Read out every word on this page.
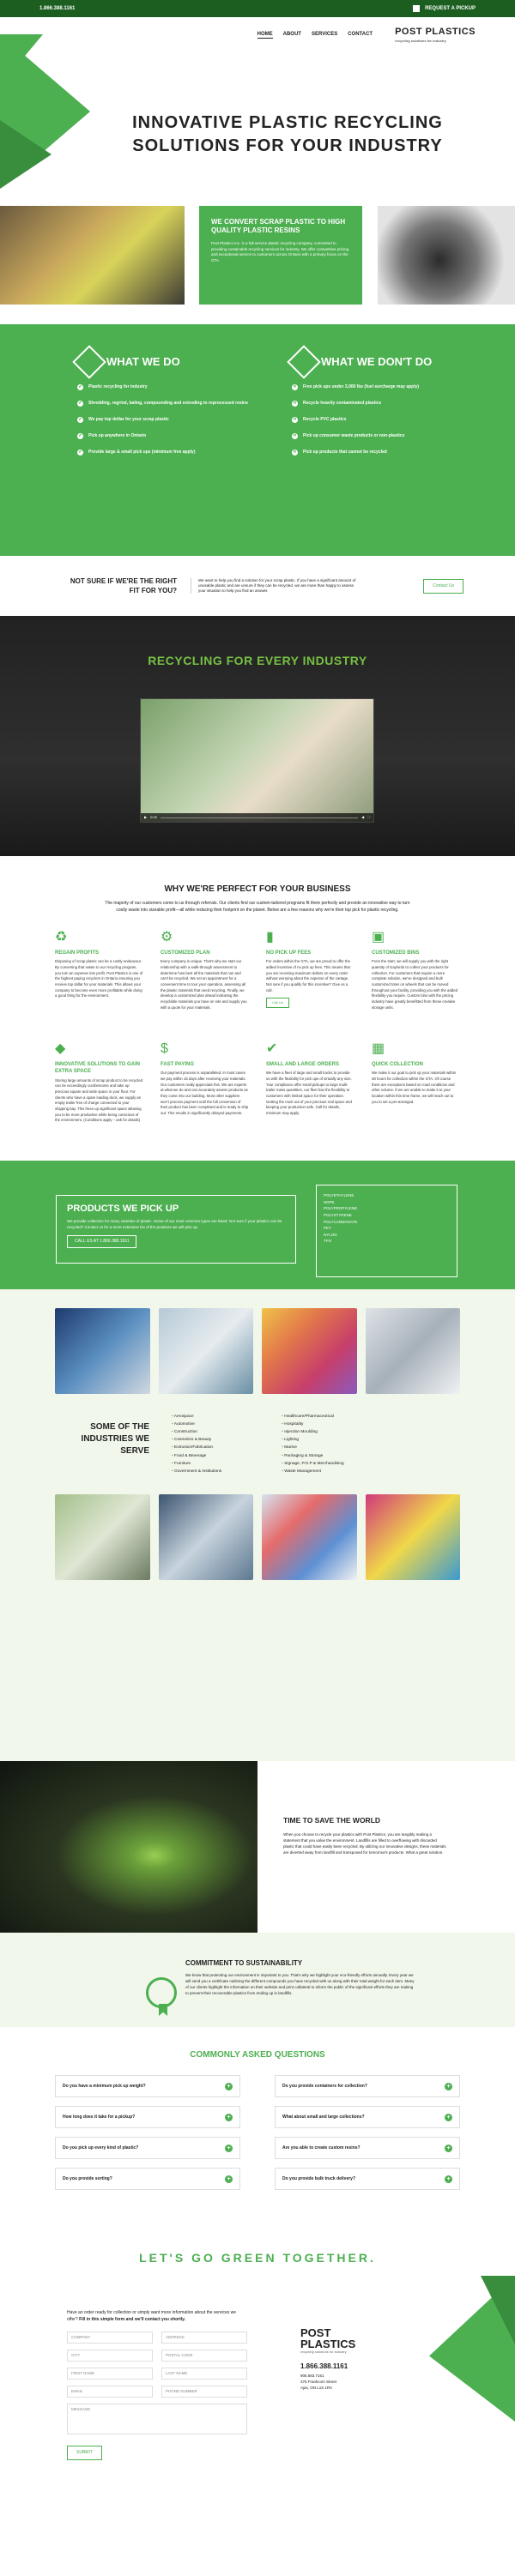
1.866.388.1161	REQUEST A PICKUP
HOME ABOUT SERVICES CONTACT POST PLASTICS
recycling solutions for industry
INNOVATIVE PLASTIC RECYCLING
SOLUTIONS FOR YOUR INDUSTRY
WE CONVERT SCRAP PLASTIC TO HIGH QUALITY PLASTIC RESINS

Post Plastics Inc. is a full-service plastic recycling company, committed to providing sustainable recycling services for industry. We offer competitive pricing and exceptional service to customers across Ontario with a primary focus on the GTA.

WHAT WE DO
✔ Plastic recycling for industry
✔ Shredding, regrind, baling, compounding and extruding to reprocessed resins
✔ We pay top dollar for your scrap plastic
✔ Pick up anywhere in Ontario
✔ Provide large & small pick ups (minimum free apply)
WHAT WE DON'T DO
✕ Free pick ups under 3,000 lbs (fuel surcharge may apply)
✕ Recycle heavily contaminated plastics
✕ Recycle PVC plastics
✕ Pick up consumer waste products or non-plastics
✕ Pick up products that cannot be recycled
NOT SURE IF WE'RE THE RIGHT FIT FOR YOU?

We want to help you find a solution for your scrap plastic. If you have a significant amount of unusable plastic and are unsure if they can be recycled, we are more than happy to assess your situation to help you find an answer.

Contact Us
RECYCLING FOR EVERY INDUSTRY
▶ 0:00	◀ ⛶
WHY WE'RE PERFECT FOR YOUR BUSINESS

The majority of our customers come to us through referrals. Our clients find our custom-tailored programs fit them perfectly and provide an innovative way to turn costly waste into sizeable profit—all while reducing their footprint on the planet. Below are a few reasons why we're their top pick for plastic recycling.

♻
REGAIN PROFITS

Disposing of scrap plastic can be a costly endeavour. By converting that waste to our recycling program, you turn an expense into profit. Post Plastics is one of the highest paying recyclers in Ontario ensuring you receive top dollar for your materials. This allows your company to become even more profitable while doing a good thing for the environment.

⚙
CUSTOMIZED PLAN

Every company is unique. That's why we start our relationship with a walk-through assessment to determine how best all the materials that can and can't be recycled. We set an appointment for a convenient time to tour your operation, assessing all the plastic materials that need recycling. Finally, we develop a customized plan ahead indicating the recyclable materials you have on site and supply you with a quote for your materials.

▮
NO PICK UP FEES

For orders within the GTA, we are proud to offer the added incentive of no pick up fees. This means that you are receiving maximum dollars on every order without worrying about the expense of the cartage. Not sure if you qualify for this incentive? Give us a call.

Call Us
▣
CUSTOMIZED BINS

From the start, we will supply you with the right quantity of Gaylords to collect your products for collection. For customers that require a more complete solution, we've designed and built customized totes on wheels that can be moved throughout your facility, providing you with the added flexibility you require. Custom bins with the pricing industry have greatly benefitted from these creative storage units.

◆
INNOVATIVE SOLUTIONS TO GAIN EXTRA SPACE

Storing large amounts of scrap product to be recycled can be exceedingly cumbersome and take up precious square and aisle space in your floor. For clients who have a spare loading dock, we supply an empty trailer free of charge connected to your shipping bay. This frees up significant space allowing you to be more productive while being conscious of the environment. (Conditions apply – ask for details)

$
FAST PAYING

Our payment process is unparalleled. In most cases we pay within 15 days after receiving your materials. Our customers really appreciate this. We are experts at what we do and can accurately assess products as they come into our building. Most other suppliers won't process payment until the full conversion of their product has been completed and is ready to ship out. This results in significantly delayed payments.

✔
SMALL AND LARGE ORDERS

We have a fleet of large and small trucks to provide us with the flexibility for pick ups of virtually any size. Your compliance offer small pickups to large multi-trailer mass quantities, our fleet has the flexibility to customers with limited space for their operation. Getting the most out of your precious real space and keeping your production safe. Call for details, minimum may apply.

▦
QUICK COLLECTION

We make it our goal to pick up your materials within 48 hours for collection within the GTA. Of course there are exceptions based on road conditions and other volume. If we are unable to make it to your location within this time frame, we will reach out to you to set a pre-arranged.

PRODUCTS WE PICK UP

We provide collection for many varieties of plastic. Some of our most common types are listed. Not sure if your plastics can be recycled? Contact us for a more extensive list of the products we will pick up.

CALL US AT 1.866.388.1161
POLYETHYLENE
HDPE
POLYPROPYLENE
POLYSTYRENE
POLYCARBONATE
PET
NYLON
TPO
SOME OF THE INDUSTRIES WE SERVE
• Aerospace
• Automotive
• Construction
• Cosmetics & Beauty
• Extrusion/Fabrication
• Food & Beverage
• Furniture
• Government & Institutions
• Healthcare/Pharmaceutical
• Hospitality
• Injection Moulding
• Lighting
• Marine
• Packaging & Storage
• Signage, P.O.P & Merchandising
• Waste Management
TIME TO SAVE THE WORLD

When you choose to recycle your plastics with Post Plastics, you are tangibly making a statement that you value the environment. Landfills are filled to overflowing with discarded plastic that could have easily been recycled. By utilizing our innovative designs, these materials are diverted away from landfill and transposed for tomorrow's products. What a great solution.

COMMITMENT TO SUSTAINABILITY

We know that protecting our environment is important to you. That's why we highlight your eco-friendly efforts annually. Every year we will send you a certificate outlining the different compounds you have recycled with us along with their total weight for each item. Many of our clients highlight the information on their website and print collateral to inform the public of the significant efforts they are making to prevent their recoverable plastics from ending up in landfills.

COMMONLY ASKED QUESTIONS
Do you have a minimum pick up weight?	+	Do you provide containers for collection?	+
How long does it take for a pickup?	+	What about small and large collections?	+
Do you pick up every kind of plastic?	+	Are you able to create custom resins?	+
Do you provide sorting?	+	Do you provide bulk truck delivery?	+
LET'S GO GREEN TOGETHER.

Have an order ready for collection or simply want more information about the services we offer? Fill in this simple form and we'll contact you shortly.

COMPANY	ADDRESS
CITY	POSTAL CODE
FIRST NAME	LAST NAME
EMAIL	PHONE NUMBER
MESSAGE
SUBMIT
POST
PLASTICS
recycling solutions for industry
1.866.388.1161
905.683.7161
375 Frankcom Street
Ajax, ON L1S 1R4
